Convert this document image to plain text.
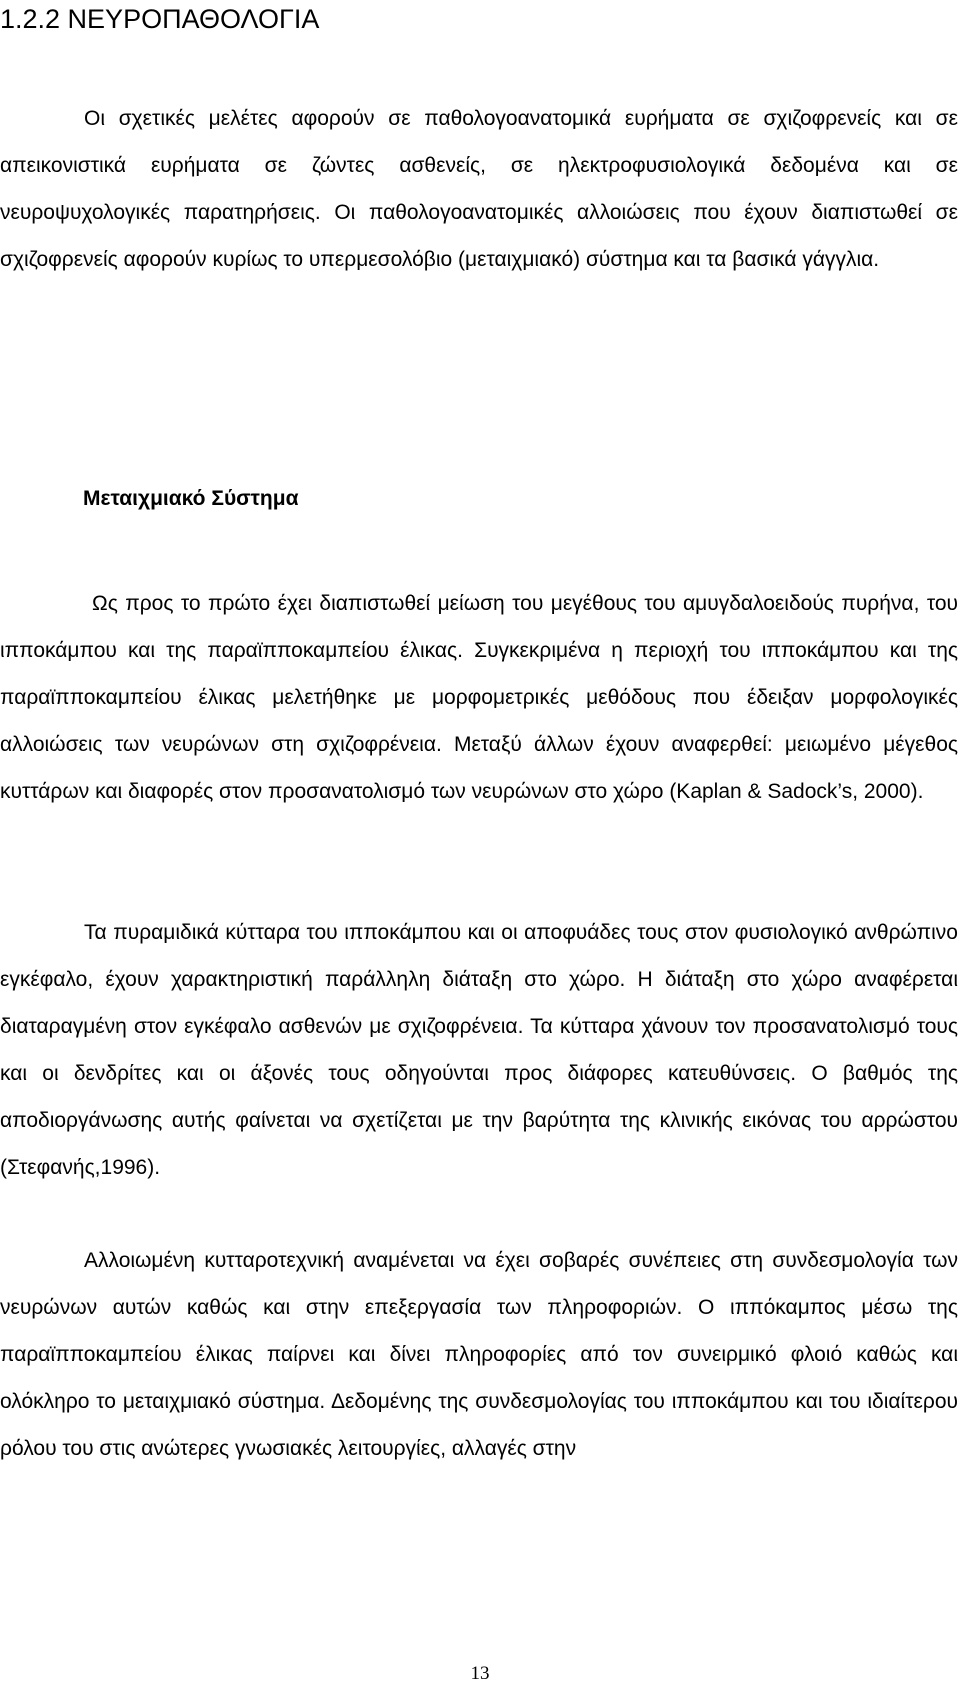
1.2.2 ΝΕΥΡΟΠΑΘΟΛΟΓΙΑ

Οι σχετικές μελέτες αφορούν σε παθολογοανατομικά ευρήματα σε σχιζοφρενείς και σε απεικονιστικά ευρήματα σε ζώντες ασθενείς, σε ηλεκτροφυσιολογικά δεδομένα και σε νευροψυχολογικές παρατηρήσεις. Οι παθολογοανατομικές αλλοιώσεις που έχουν διαπιστωθεί σε σχιζοφρενείς αφορούν κυρίως το υπερμεσολόβιο (μεταιχμιακό) σύστημα και τα βασικά γάγγλια.

Μεταιχμιακό Σύστημα

Ως προς το πρώτο έχει διαπιστωθεί μείωση του μεγέθους του αμυγδαλοειδούς πυρήνα, του ιπποκάμπου και της παραϊπποκαμπείου έλικας. Συγκεκριμένα η περιοχή του ιπποκάμπου και της παραϊπποκαμπείου έλικας μελετήθηκε με μορφομετρικές μεθόδους που έδειξαν μορφολογικές αλλοιώσεις των νευρώνων στη σχιζοφρένεια. Μεταξύ άλλων έχουν αναφερθεί: μειωμένο μέγεθος κυττάρων και διαφορές στον προσανατολισμό των νευρώνων στο χώρο (Kaplan & Sadock’s, 2000).

Τα πυραμιδικά κύτταρα του ιπποκάμπου και οι αποφυάδες τους στον φυσιολογικό ανθρώπινο εγκέφαλο, έχουν χαρακτηριστική παράλληλη διάταξη στο χώρο. Η διάταξη στο χώρο αναφέρεται διαταραγμένη στον εγκέφαλο ασθενών με σχιζοφρένεια. Τα κύτταρα χάνουν τον προσανατολισμό τους και οι δενδρίτες και οι άξονές τους οδηγούνται προς διάφορες κατευθύνσεις. Ο βαθμός της αποδιοργάνωσης αυτής φαίνεται να σχετίζεται με την βαρύτητα της κλινικής εικόνας του αρρώστου (Στεφανής,1996).

Αλλοιωμένη κυτταροτεχνική αναμένεται να έχει σοβαρές συνέπειες στη συνδεσμολογία των νευρώνων αυτών καθώς και στην επεξεργασία των πληροφοριών. Ο ιππόκαμπος μέσω της παραϊπποκαμπείου έλικας παίρνει και δίνει πληροφορίες από τον συνειρμικό φλοιό καθώς και ολόκληρο το μεταιχμιακό σύστημα. Δεδομένης της συνδεσμολογίας του ιπποκάμπου και του ιδιαίτερου ρόλου του στις ανώτερες γνωσιακές λειτουργίες, αλλαγές στην

13
